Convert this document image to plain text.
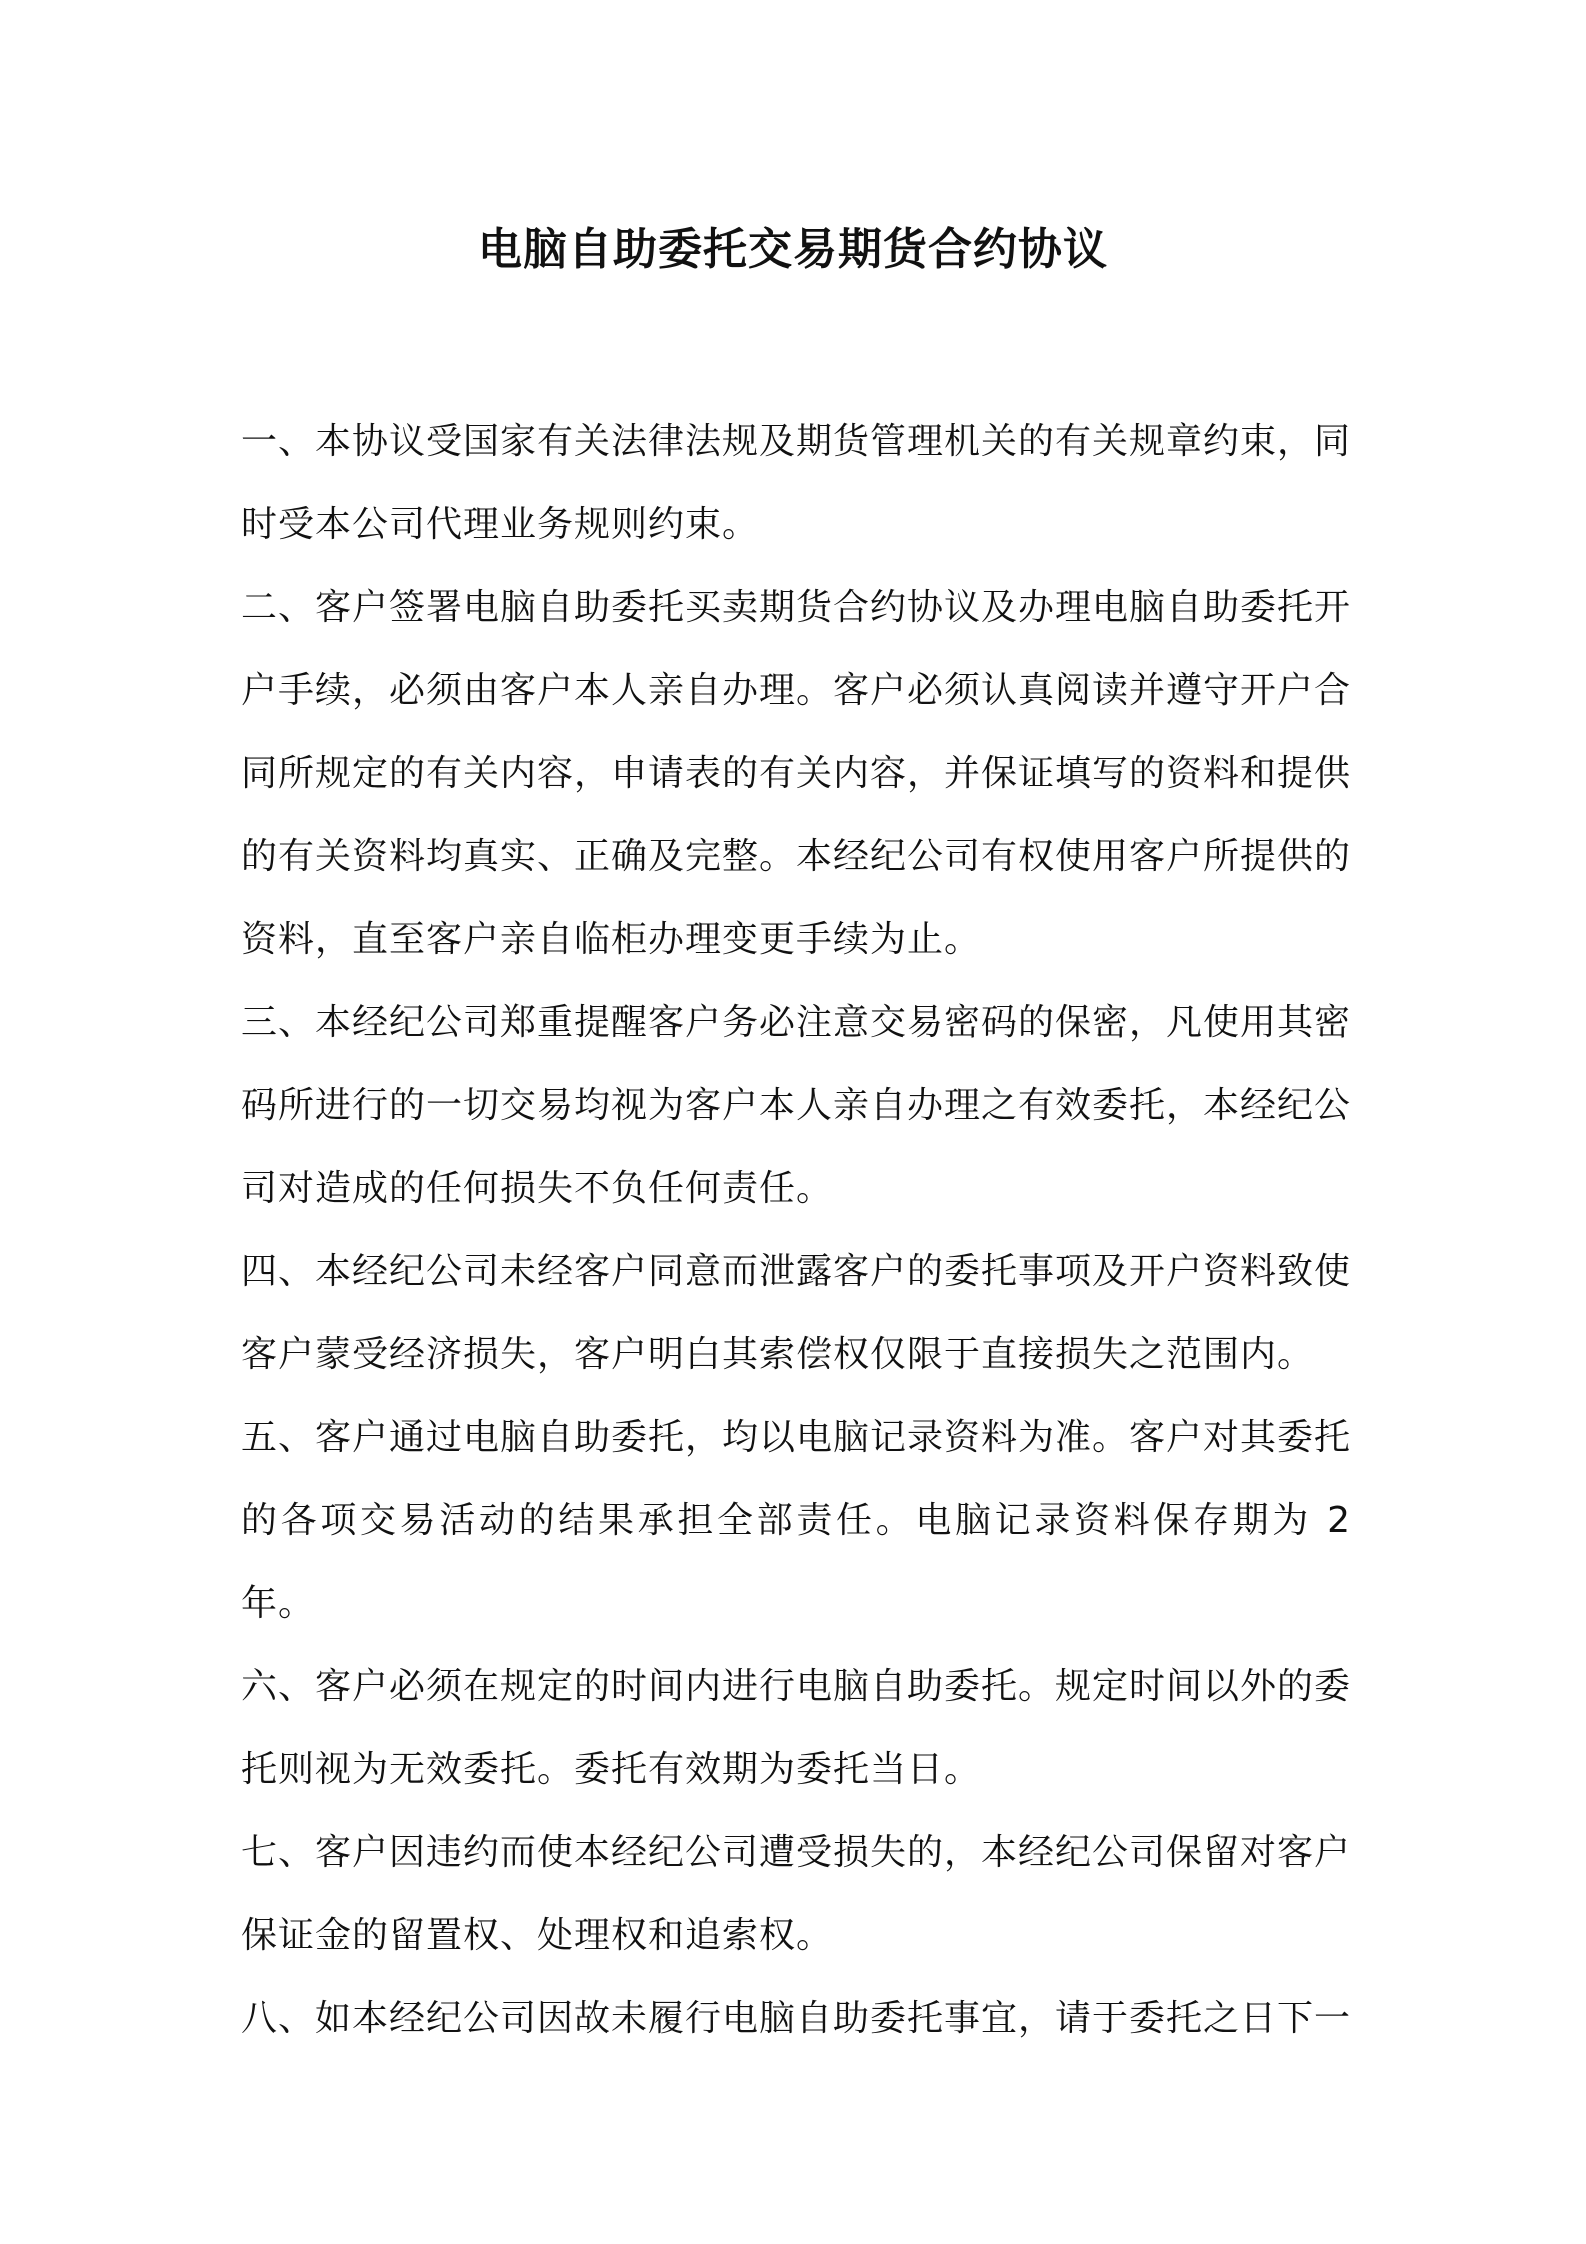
电脑自助委托交易期货合约协议

一、本协议受国家有关法律法规及期货管理机关的有关规章约束，同时受本公司代理业务规则约束。

二、客户签署电脑自助委托买卖期货合约协议及办理电脑自助委托开户手续，必须由客户本人亲自办理。客户必须认真阅读并遵守开户合同所规定的有关内容，申请表的有关内容，并保证填写的资料和提供的有关资料均真实、正确及完整。本经纪公司有权使用客户所提供的资料，直至客户亲自临柜办理变更手续为止。

三、本经纪公司郑重提醒客户务必注意交易密码的保密，凡使用其密码所进行的一切交易均视为客户本人亲自办理之有效委托，本经纪公司对造成的任何损失不负任何责任。

四、本经纪公司未经客户同意而泄露客户的委托事项及开户资料致使客户蒙受经济损失，客户明白其索偿权仅限于直接损失之范围内。

五、客户通过电脑自助委托，均以电脑记录资料为准。客户对其委托的各项交易活动的结果承担全部责任。电脑记录资料保存期为 2 年。

六、客户必须在规定的时间内进行电脑自助委托。规定时间以外的委托则视为无效委托。委托有效期为委托当日。

七、客户因违约而使本经纪公司遭受损失的，本经纪公司保留对客户保证金的留置权、处理权和追索权。

八、如本经纪公司因故未履行电脑自助委托事宜，请于委托之日下一
